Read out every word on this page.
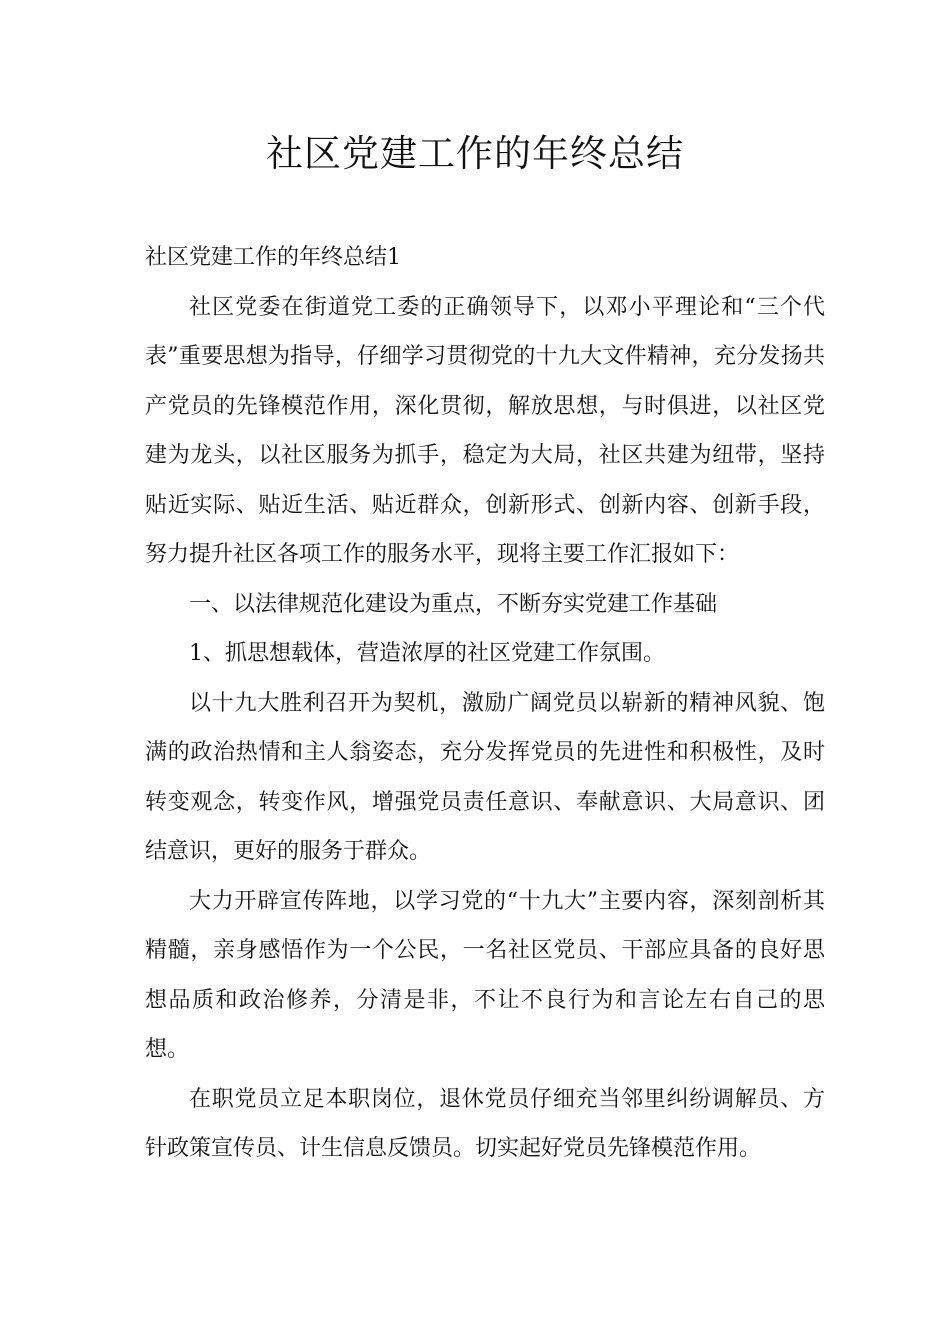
社区党建工作的年终总结

社区党建工作的年终总结1

社区党委在街道党工委的正确领导下，以邓小平理论和“三个代表”重要思想为指导，仔细学习贯彻党的十九大文件精神，充分发扬共产党员的先锋模范作用，深化贯彻，解放思想，与时俱进，以社区党建为龙头，以社区服务为抓手，稳定为大局，社区共建为纽带，坚持贴近实际、贴近生活、贴近群众，创新形式、创新内容、创新手段，努力提升社区各项工作的服务水平，现将主要工作汇报如下：

一、以法律规范化建设为重点，不断夯实党建工作基础

1、抓思想载体，营造浓厚的社区党建工作氛围。

以十九大胜利召开为契机，激励广阔党员以崭新的精神风貌、饱满的政治热情和主人翁姿态，充分发挥党员的先进性和积极性，及时转变观念，转变作风，增强党员责任意识、奉献意识、大局意识、团结意识，更好的服务于群众。

大力开辟宣传阵地，以学习党的“十九大”主要内容，深刻剖析其精髓，亲身感悟作为一个公民，一名社区党员、干部应具备的良好思想品质和政治修养，分清是非，不让不良行为和言论左右自己的思想。

在职党员立足本职岗位，退休党员仔细充当邻里纠纷调解员、方针政策宣传员、计生信息反馈员。切实起好党员先锋模范作用。
